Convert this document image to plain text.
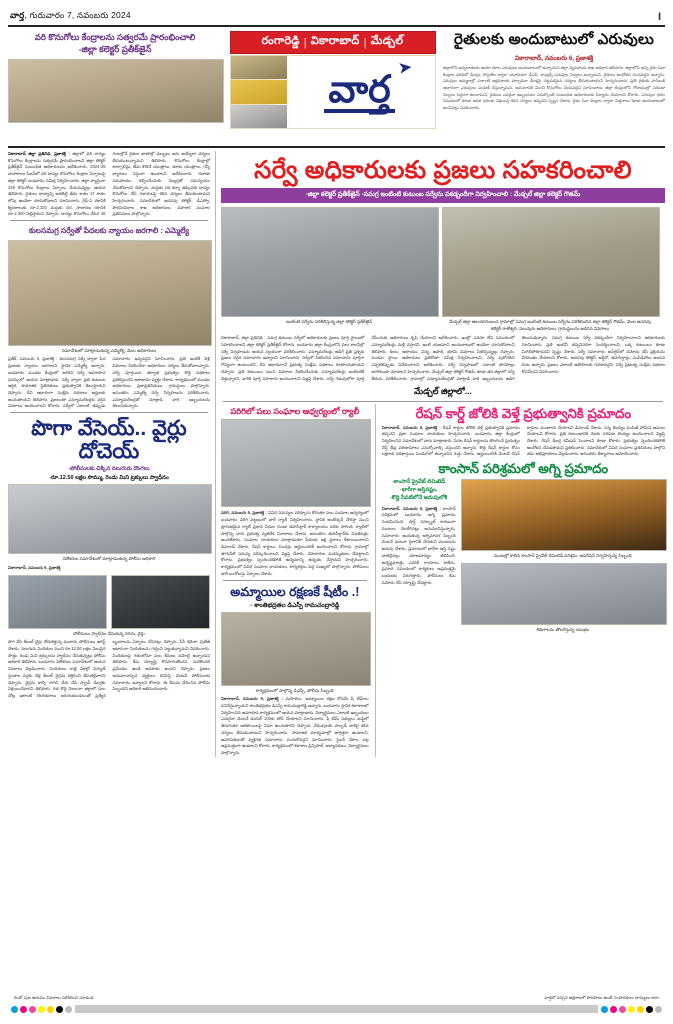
వార్త, గురువారం 7, నవంబరు 2024	I
వరి కొనుగోలు కేంద్రాలను సత్వరమే ప్రారంభించాలి
-జిల్లా కలెక్టర్ ప్రతీక్‌జైన్
రంగారెడ్డి | వికారాబాద్ | మేడ్చల్
వార్త
➤
రైతులకు అందుబాటులో ఎరువులు
వికారాబాద్, నవంబరు 6, ప్రజాశక్తి
జిల్లాలోని అన్నదాతలకు ఆయా రకాల ఎరువులు అందుబాటులో ఉన్నాయని జిల్లా వ్యవసాయ శాఖ అధికారి తెలిపారు. జిల్లాలోని అన్ని రైతు సేవా కేంద్రాల పరిధిలో డీలర్లు, సొసైటీల ద్వారా యూరియా, డీఏపీ, కాంప్లెక్స్ ఎరువుల నిల్వలు ఉన్నాయని, రైతులు ఆందోళన చెందవద్దని అన్నారు. ఎరువుల అమ్మకాల్లో ఎలాంటి అక్రమాలకు పాల్పడినా డీలర్లపై చట్టపరమైన చర్యలు తీసుకుంటామని హెచ్చరించారు. ప్రతి రైతుకు పాస్‌బుక్ ఆధారంగా ఎరువులు పంపిణీ చేస్తున్నామని, అవసరానికి మించి కొనుగోలు చేయవద్దని సూచించారు. జిల్లా కేంద్రంలోని గోదాముల్లో సరిపడా నిల్వలు సిద్ధంగా ఉంచామని, రైతులు ఎవరైనా ఇబ్బందులు ఎదుర్కొంటే సంబంధిత అధికారులకు ఫిర్యాదు చేయాలని కోరారు. ఎరువుల ధరల విషయంలో కూడా అధిక ధరలకు విక్రయిస్తే కఠిన చర్యలు తప్పవని స్పష్టం చేశారు. రైతు సేవా కేంద్రాల ద్వారా విత్తనాలు కూడా అందుబాటులో ఉంచినట్లు వివరించారు.
వికారాబాద్ జిల్లా ప్రతినిధి, ప్రజాశక్తి : జిల్లాలో వరి ధాన్యం కొనుగోలు కేంద్రాలను సత్వరమే ప్రారంభించాలని జిల్లా కలెక్టర్ ప్రతీక్‌జైన్ సంబంధిత అధికారులను ఆదేశించారు. 2024-25 వానాకాలం సీజన్‌లో వరి ధాన్యం కొనుగోలు కేంద్రాల ఏర్పాటుపై జిల్లా కలెక్టర్ బుధవారం సమీక్ష నిర్వహించారు. జిల్లా వ్యాప్తంగా 236 కొనుగోలు కేంద్రాలు ఏర్పాటు చేయనున్నట్లు ఆయన తెలిపారు. రైతులు ధాన్యాన్ని ఆరబెట్టి తేమ శాతం 17 శాతం లోపు ఉండేలా చూసుకోవాలని సూచించారు. గ్రేడ్-ఏ రకానికి క్వింటాలుకు రూ.2,320 మద్దతు ధర, సాధారణ రకానికి రూ.2,300 చెల్లిస్తామని చెప్పారు. ధాన్యం కొనుగోలు చేసిన 48 గంటల్లోనే రైతుల ఖాతాల్లో డబ్బులు జమ అయ్యేలా చర్యలు తీసుకుంటున్నామని తెలిపారు. కొనుగోలు కేంద్రాల్లో టార్పాలిన్లు, తేమ కొలిచే యంత్రాలు, తూకం యంత్రాలు, గన్నీ బ్యాగులు సిద్ధంగా ఉంచాలని ఆదేశించారు. రవాణా సదుపాయం కల్పించేందుకు మిల్లర్లతో సమన్వయం చేసుకోవాలని చెప్పారు. మద్దతు ధర కన్నా తక్కువకు ధాన్యం కొనుగోలు చేసే దళారులపై కఠిన చర్యలు తీసుకుంటామని హెచ్చరించారు. సమావేశంలో అదనపు కలెక్టర్, డీఎస్వో, పౌరసరఫరాల శాఖ అధికారులు, సహకార సంఘాల ప్రతినిధులు పాల్గొన్నారు.
కులసమగ్ర సర్వేతో పేదలకు న్యాయం జరగాలి : ఎమ్మెల్యే
సమావేశంలో మాట్లాడుతున్న ఎమ్మెల్యే, వెంట అధికారులు
ప్రతీక్, నవంబరు 6, ప్రజాశక్తి : కులసమగ్ర సర్వే ద్వారా పేద ప్రజలకు న్యాయం జరగాలని స్థానిక ఎమ్మెల్యే అన్నారు. బుధవారం మండల కేంద్రంలో జరిగిన సర్వే అవగాహన సదస్సులో ఆయన మాట్లాడారు. సర్వే ద్వారా ప్రతి కుటుంబ ఆర్థిక, సామాజిక స్థితిగతులు ప్రభుత్వానికి తెలుస్తాయని చెప్పారు. దీని ఆధారంగా సంక్షేమ పథకాలు అర్హులకు అందుతాయని తెలిపారు. ప్రజలంతా ఎన్యూమరేటర్లకు సరైన వివరాలు అందించాలని కోరారు. సర్వేలో ఎలాంటి తప్పుడు సమాచారం ఇవ్వవద్దని సూచించారు. ప్రతి ఇంటికీ వెళ్లి వివరాలు సేకరించేలా అధికారులు చర్యలు తీసుకోవాలన్నారు. సర్వే పూర్తయిన తర్వాత ప్రభుత్వం కొత్త పథకాలు ప్రకటిస్తుందని ఆశాభావం వ్యక్తం చేశారు. కార్యక్రమంలో మండల అధికారులు, ప్రజాప్రతినిధులు, గ్రామస్థులు పాల్గొన్నారు. అనంతరం ఎమ్మెల్యే సర్వే నిర్వహణను పరిశీలించారు. ఎన్యూమరేటర్లతో మాట్లాడి వారి ఇబ్బందులను తెలుసుకున్నారు.
పొగా వేసెయ్.. వైర్లు దోచెయ్
-పోలీసులకు చిక్కిన నలుగురు దొంగలు
-రూ.12.50 లక్షల సొమ్ము, రెండు మిని ట్రక్కులు స్వాధీనం
విలేకరుల సమావేశంలో మాట్లాడుతున్న పోలీసు అధికారి
వికారాబాద్, నవంబరు 6, ప్రజాశక్తి
పోలీసులు స్వాధీనం చేసుకున్న నగదు, వైర్లు
పొగ వేసి కేబుల్ వైర్లు దోచుకెళ్తున్న ముఠాను పోలీసులు అరెస్ట్ చేశారు. నలుగురు నిందితుల నుంచి రూ.12.50 లక్షల విలువైన సొత్తు, రెండు మిని ట్రక్కులను స్వాధీనం చేసుకున్నట్లు పోలీసు అధికారి తెలిపారు. బుధవారం విలేకరుల సమావేశంలో ఆయన వివరాలు వెల్లడించారు. నిందితులు రాత్రి వేళల్లో విద్యుత్ స్తంభాల వద్దకు వెళ్లి కేబుల్ వైర్లను కత్తిరించి తీసుకెళ్లేవారని చెప్పారు. వైర్లను కాల్చి రాగిని వేరు చేసి స్క్రాప్ డీలర్లకు విక్రయించేవారని తెలిపారు. గత కొద్ది నెలలుగా జిల్లాలో పలు చోట్ల ఇలాంటి దొంగతనాలు జరుగుతుండటంతో ప్రత్యేక బృందాలను ఏర్పాటు చేసినట్లు చెప్పారు. సీసీ కెమెరా ఫుటేజీ ఆధారంగా నిందితులను గుర్తించి పట్టుకున్నామని వివరించారు. నిందితులపై గతంలోనూ పలు కేసులు నమోదై ఉన్నాయని తెలిపారు. కేసు దర్యాప్తు కొనసాగుతోందని, మరికొందరి ప్రమేయం ఉండే అవకాశం ఉందని చెప్పారు. ప్రజలు అనుమానాస్పద వ్యక్తులు కనిపిస్తే వెంటనే పోలీసులకు సమాచారం ఇవ్వాలని కోరారు. ఈ కేసును ఛేదించిన పోలీసు సిబ్బందిని అధికారి అభినందించారు.
సర్వే అధికారులకు ప్రజలు సహకరించాలి
-జిల్లా కలెక్టర్ ప్రతీక్‌జైన్ -సమగ్ర ఇంటింటి కుటుంబ సర్వేను పకడ్బందీగా నిర్వహించాలి : మేడ్చల్ జిల్లా కలెక్టర్ గౌతమ్
ఇంటింటి సర్వేను పరిశీలిస్తున్న జిల్లా కలెక్టర్ ప్రతీక్‌జైన్	మేడ్చల్ జిల్లా ఆలయానుబంధ గ్రామాల్లో సమగ్ర ఇంటింటి కుటుంబ సర్వేను పరిశీలించిన జిల్లా కలెక్టర్ గౌతమ్, వెంట అదనపు కలెక్టర్ రాజేశ్వరి, పలువురు అధికారులు, గ్రామస్థులను అడిగిన వివరాలు
వికారాబాద్, జిల్లా ప్రతినిధి : సమగ్ర కుటుంబ సర్వేలో అధికారులకు ప్రజలు పూర్తి స్థాయిలో సహకరించాలని జిల్లా కలెక్టర్ ప్రతీక్‌జైన్ కోరారు. బుధవారం జిల్లా కేంద్రంలోని పలు కాలనీల్లో సర్వే నిర్వహణను ఆయన స్వయంగా పరిశీలించారు. ఎన్యూమరేటర్లు అడిగే ప్రతి ప్రశ్నకు ప్రజలు సరైన సమాచారం ఇవ్వాలని సూచించారు. సర్వేలో సేకరించిన సమాచారం పూర్తిగా గోప్యంగా ఉంటుందని, దీని ఆధారంగానే ప్రభుత్వ సంక్షేమ పథకాలు రూపొందుతాయని చెప్పారు. ప్రతి కుటుంబం నుంచి వివరాలు సేకరించేందుకు ఎన్యూమరేటర్లు ఇంటింటికీ వెళ్తున్నారని, వారికి పూర్తి సహకారం అందించాలని విజ్ఞప్తి చేశారు. సర్వే గడువులోగా పూర్తి చేసేందుకు అధికారులు కృషి చేయాలని ఆదేశించారు. ఇంట్లో ఎవరూ లేని సమయంలో ఎన్యూమరేటర్లు మళ్లీ వస్తారని, ఇంటి యజమాని అందుబాటులో ఉండేలా చూసుకోవాలని తెలిపారు. కులం, ఆదాయం, విద్య, ఉపాధి, భూమి వివరాలు సేకరిస్తున్నట్లు చెప్పారు. మండల స్థాయి అధికారులు ప్రతిరోజూ సమీక్ష నిర్వహించాలని, సర్వే పురోగతిని ఎప్పటికప్పుడు నివేదించాలని ఆదేశించారు. సర్వే నిర్వహణలో ఎలాంటి పొరపాట్లు జరగకుండా చూడాలని హెచ్చరించారు. మేడ్చల్ జిల్లా కలెక్టర్ గౌతమ్ కూడా తన జిల్లాలో సర్వే తీరును పరిశీలించారు. గ్రామాల్లో ఎన్యూమరేటర్లతో మాట్లాడి వారి ఇబ్బందులను అడిగి తెలుసుకున్నారు. సమగ్ర కుటుంబ సర్వే పకడ్బందీగా నిర్వహించాలని అధికారులకు సూచించారు. ప్రతి ఇంటినీ తప్పనిసరిగా సందర్శించాలని, ఒక్క కుటుంబం కూడా మిగిలిపోకూడదని స్పష్టం చేశారు. సర్వే సమాచారం ఆన్‌లైన్‌లో నమోదు చేసే ప్రక్రియను వేగవంతం చేయాలని కోరారు. అదనపు కలెక్టర్, ఆర్డీవో, తహసీల్దార్లు, ఎంపీడీవోలు ఆయన వెంట ఉన్నారు. ప్రజలు ఎలాంటి అపోహలకు గురికావద్దని, సర్వే ప్రభుత్వ సంక్షేమ పథకాల కోసమేనని వివరించారు.
మేడ్చల్ జిల్లాలో...
పరిగిలో పలు సంఘాల ఆధ్వర్యంలో ర్యాలీ
పరిగి, నవంబరు 6, ప్రజాశక్తి : వివిధ సమస్యల పరిష్కారం కోరుతూ పలు సంఘాల ఆధ్వర్యంలో బుధవారం పరిగి పట్టణంలో భారీ ర్యాలీ నిర్వహించారు. స్థానిక అంబేద్కర్ చౌరస్తా నుంచి ప్రారంభమైన ర్యాలీ ప్రధాన వీధుల గుండా తహసీల్దార్ కార్యాలయం వరకు సాగింది. ర్యాలీలో పాల్గొన్న వారు ప్రభుత్వ వ్యతిరేక నినాదాలు చేశారు. అనంతరం తహసీల్దార్‌కు వినతిపత్రం అందజేశారు. సంఘాల నాయకులు మాట్లాడుతూ పేదలకు ఇళ్ల స్థలాలు కేటాయించాలని డిమాండ్ చేశారు. రేషన్ కార్డులు, పింఛన్లు అర్హులందరికీ అందించాలని కోరారు. గ్రామాల్లో తాగునీటి సమస్య పరిష్కరించాలని విజ్ఞప్తి చేశారు. రహదారుల మరమ్మతులు చేపట్టాలని కోరారు. ప్రభుత్వం స్పందించకపోతే ఉద్యమాన్ని ఉధృతం చేస్తామని హెచ్చరించారు. కార్యక్రమంలో వివిధ సంఘాల నాయకులు, కార్యకర్తలు పెద్ద సంఖ్యలో పాల్గొన్నారు. పోలీసులు భారీ బందోబస్తు ఏర్పాటు చేశారు.
అమ్మాయిల రక్షణకే షీటీం .!
- శాంతిభద్రతల డిఎస్పీ రామచంద్రారెడ్డి
కార్యక్రమంలో పాల్గొన్న డిఎస్పీ, పోలీసు సిబ్బంది
వికారాబాద్, నవంబరు 6, ప్రజాశక్తి : మహిళలు, అమ్మాయిల రక్షణ కోసమే షీ టీమ్‌లు పనిచేస్తున్నాయని శాంతిభద్రతల డిఎస్పీ రామచంద్రారెడ్డి అన్నారు. బుధవారం స్థానిక కళాశాలలో నిర్వహించిన అవగాహన కార్యక్రమంలో ఆయన మాట్లాడారు. విద్యార్థినులు ఎలాంటి ఇబ్బందులు ఎదురైనా వెంటనే డయల్ 100కు ఫోన్ చేయాలని సూచించారు. షీ టీమ్ సభ్యులు మఫ్టీలో తిరుగుతూ ఆకతాయిలపై నిఘా ఉంచుతారని చెప్పారు. వేధింపులకు పాల్పడే వారిపై కఠిన చర్యలు తీసుకుంటామని హెచ్చరించారు. సామాజిక మాధ్యమాల్లో జాగ్రత్తగా ఉండాలని, అపరిచితులతో వ్యక్తిగత సమాచారం పంచుకోవద్దని సూచించారు. సైబర్ నేరాల పట్ల అప్రమత్తంగా ఉండాలని కోరారు. కార్యక్రమంలో కళాశాల ప్రిన్సిపాల్, అధ్యాపకులు, విద్యార్థినులు పాల్గొన్నారు.
రేషన్ కార్డ్ జోలికి వెళ్తే ప్రభుత్వానికి ప్రమాదం
వికారాబాద్, నవంబరు 6, ప్రజాశక్తి : రేషన్ కార్డుల జోలికి వెళ్తే ప్రభుత్వానికి ప్రమాదం తప్పదని ప్రజా సంఘాల నాయకులు హెచ్చరించారు. బుధవారం జిల్లా కేంద్రంలో నిర్వహించిన సమావేశంలో వారు మాట్లాడారు. పేదల రేషన్ కార్డులను తొలగించే ప్రయత్నం చేస్తే తీవ్ర పరిణామాలు ఎదుర్కోవాల్సి వస్తుందని అన్నారు. కొత్త రేషన్ కార్డుల కోసం లక్షలాది దరఖాస్తులు పెండింగ్‌లో ఉన్నాయని గుర్తు చేశారు. అర్హులందరికీ వెంటనే రేషన్ కార్డులు మంజూరు చేయాలని డిమాండ్ చేశారు. సన్న బియ్యం పంపిణీ హామీని అమలు చేయాలని కోరారు. ప్రతి కుటుంబానికి నెలకు సరిపడా బియ్యం అందించాలని విజ్ఞప్తి చేశారు. రేషన్ డీలర్ల కమీషన్ పెంచాలని కూడా కోరారు. ప్రభుత్వం స్పందించకపోతే ఆందోళన చేపడతామని ప్రకటించారు. సమావేశంలో వివిధ సంఘాల ప్రతినిధులు పాల్గొని తమ అభిప్రాయాలు వెల్లడించారు. అనంతరం తీర్మానాలు ఆమోదించారు.
కాంసాన్ పరిశ్రమలో అగ్ని ప్రమాదం
-కాంసాన్ ప్రైవేట్ లిమిటెడ్
-భారీగా ఆస్తినష్టం,
-కొద్ది సేపటిలోనే అదుపులోకి
వికారాబాద్, నవంబరు 6, ప్రజాశక్తి : కాంసాన్ పరిశ్రమలో బుధవారం అగ్ని ప్రమాదం సంభవించింది. షార్ట్ సర్క్యూట్ కారణంగా మంటలు చెలరేగినట్లు అనుమానిస్తున్నారు. సమాచారం అందుకున్న అగ్నిమాపక సిబ్బంది వెంటనే ఘటనా స్థలానికి చేరుకుని మంటలను అదుపు చేశారు. ప్రమాదంలో భారీగా ఆస్తి నష్టం వాటిల్లినట్లు యాజమాన్యం తెలిపింది. అదృష్టవశాత్తు ఎవరికీ గాయాలు కాలేదు. ప్రమాద సమయంలో కార్మికులు అప్రమత్తమై బయటకు పరుగెత్తారు. పోలీసులు కేసు నమోదు చేసి దర్యాప్తు చేపట్టారు.
మంటల్లో కాలిన కాంసాన్ ప్రైవేట్ లిమిటెడ్ పరిశ్రమ, ఆపరేషన్ నిర్వహిస్తున్న సిబ్బంది
శిథిలాలను తొలగిస్తున్న యంత్రం
రెండో పుట ఉరుము వివరాలు పరిశీలించి చూడండి	వార్తలో వచ్చిన అక్షరాలలో పొరపాటు ఉంటే సంపాదకులు బాధ్యులు కారు
